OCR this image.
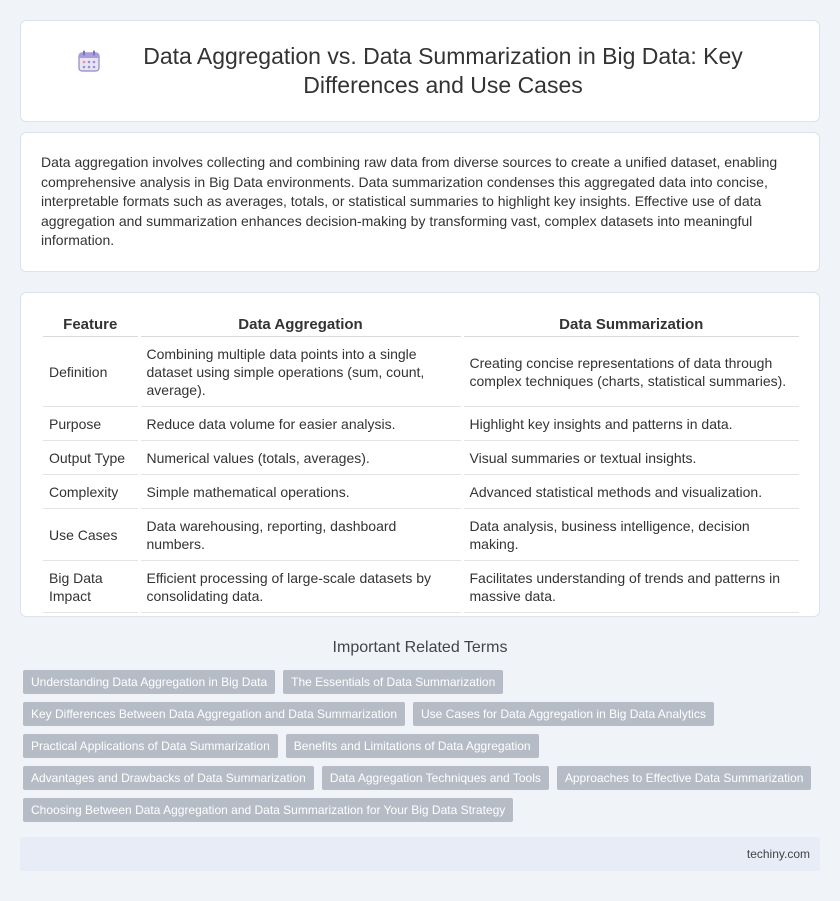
Data Aggregation vs. Data Summarization in Big Data: Key Differences and Use Cases

Data aggregation involves collecting and combining raw data from diverse sources to create a unified dataset, enabling comprehensive analysis in Big Data environments. Data summarization condenses this aggregated data into concise, interpretable formats such as averages, totals, or statistical summaries to highlight key insights. Effective use of data aggregation and summarization enhances decision-making by transforming vast, complex datasets into meaningful information.

Feature	Data Aggregation	Data Summarization
Definition	Combining multiple data points into a single dataset using simple operations (sum, count, average).	Creating concise representations of data through complex techniques (charts, statistical summaries).
Purpose	Reduce data volume for easier analysis.	Highlight key insights and patterns in data.
Output Type	Numerical values (totals, averages).	Visual summaries or textual insights.
Complexity	Simple mathematical operations.	Advanced statistical methods and visualization.
Use Cases	Data warehousing, reporting, dashboard numbers.	Data analysis, business intelligence, decision making.
Big Data Impact	Efficient processing of large-scale datasets by consolidating data.	Facilitates understanding of trends and patterns in massive data.
Important Related Terms
Understanding Data Aggregation in Big Data	The Essentials of Data Summarization
Key Differences Between Data Aggregation and Data Summarization	Use Cases for Data Aggregation in Big Data Analytics
Practical Applications of Data Summarization	Benefits and Limitations of Data Aggregation
Advantages and Drawbacks of Data Summarization	Data Aggregation Techniques and Tools	Approaches to Effective Data Summarization
Choosing Between Data Aggregation and Data Summarization for Your Big Data Strategy
techiny.com
